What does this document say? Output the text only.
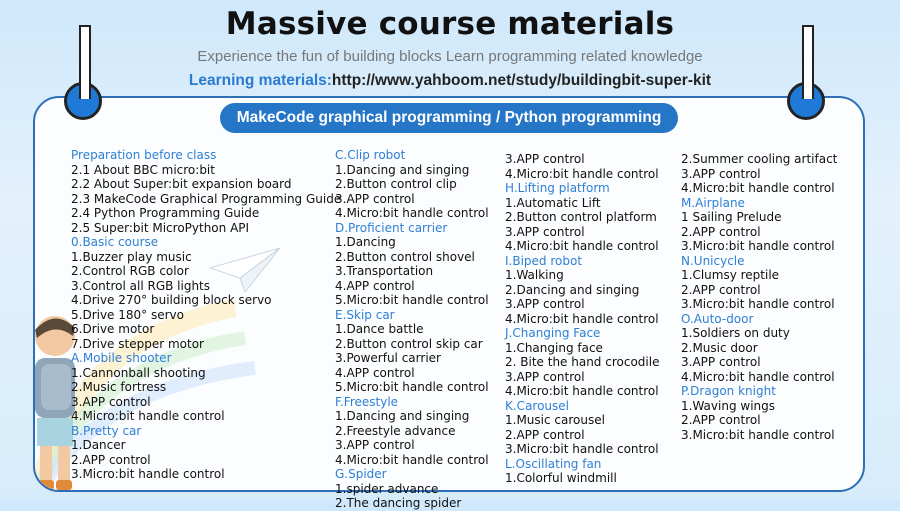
Massive course materials
Experience the fun of building blocks Learn programming related knowledge
Learning materials:http://www.yahboom.net/study/buildingbit-super-kit
MakeCode graphical programming / Python programming
Preparation before class
2.1 About BBC micro:bit
2.2 About Super:bit expansion board
2.3 MakeCode Graphical Programming Guide
2.4 Python Programming Guide
2.5 Super:bit MicroPython API
0.Basic course
1.Buzzer play music
2.Control RGB color
3.Control all RGB lights
4.Drive 270° building block servo
5.Drive 180° servo
6.Drive motor
7.Drive stepper motor
A.Mobile shooter
1.Cannonball shooting
2.Music fortress
3.APP control
4.Micro:bit handle control
B.Pretty car
1.Dancer
2.APP control
3.Micro:bit handle control
C.Clip robot
1.Dancing and singing
2.Button control clip
3.APP control
4.Micro:bit handle control
D.Proficient carrier
1.Dancing
2.Button control shovel
3.Transportation
4.APP control
5.Micro:bit handle control
E.Skip car
1.Dance battle
2.Button control skip car
3.Powerful carrier
4.APP control
5.Micro:bit handle control
F.Freestyle
1.Dancing and singing
2.Freestyle advance
3.APP control
4.Micro:bit handle control
G.Spider
1.spider advance
2.The dancing spider
3.APP control
4.Micro:bit handle control
H.Lifting platform
1.Automatic Lift
2.Button control platform
3.APP control
4.Micro:bit handle control
I.Biped robot
1.Walking
2.Dancing and singing
3.APP control
4.Micro:bit handle control
J.Changing Face
1.Changing face
2. Bite the hand crocodile
3.APP control
4.Micro:bit handle control
K.Carousel
1.Music carousel
2.APP control
3.Micro:bit handle control
L.Oscillating fan
1.Colorful windmill
2.Summer cooling artifact
3.APP control
4.Micro:bit handle control
M.Airplane
1 Sailing Prelude
2.APP control
3.Micro:bit handle control
N.Unicycle
1.Clumsy reptile
2.APP control
3.Micro:bit handle control
O.Auto-door
1.Soldiers on duty
2.Music door
3.APP control
4.Micro:bit handle control
P.Dragon knight
1.Waving wings
2.APP control
3.Micro:bit handle control
